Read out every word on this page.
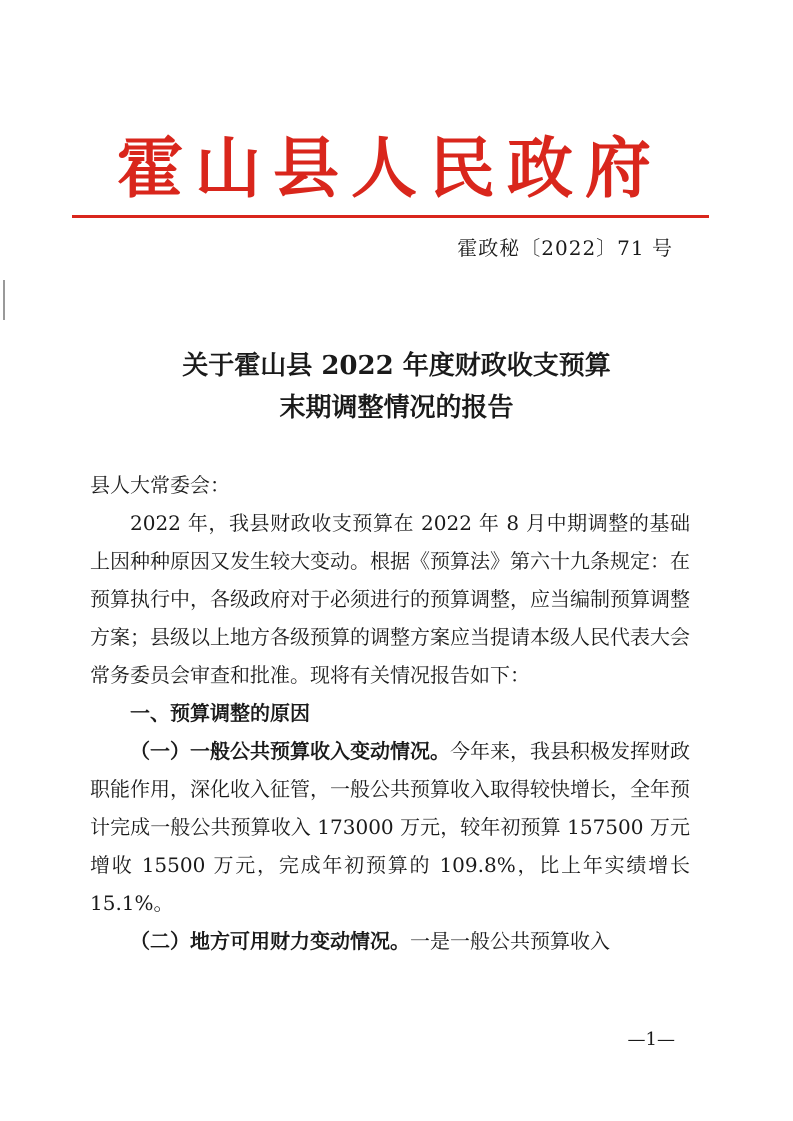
霍山县人民政府
霍政秘〔2022〕71 号
关于霍山县 2022 年度财政收支预算
末期调整情况的报告

县人大常委会：

2022 年，我县财政收支预算在 2022 年 8 月中期调整的基础上因种种原因又发生较大变动。根据《预算法》第六十九条规定：在预算执行中，各级政府对于必须进行的预算调整，应当编制预算调整方案；县级以上地方各级预算的调整方案应当提请本级人民代表大会常务委员会审查和批准。现将有关情况报告如下：

一、预算调整的原因

（一）一般公共预算收入变动情况。今年来，我县积极发挥财政职能作用，深化收入征管，一般公共预算收入取得较快增长，全年预计完成一般公共预算收入 173000 万元，较年初预算 157500 万元增收 15500 万元，完成年初预算的 109.8%，比上年实绩增长 15.1%。

（二）地方可用财力变动情况。一是一般公共预算收入

—1—
